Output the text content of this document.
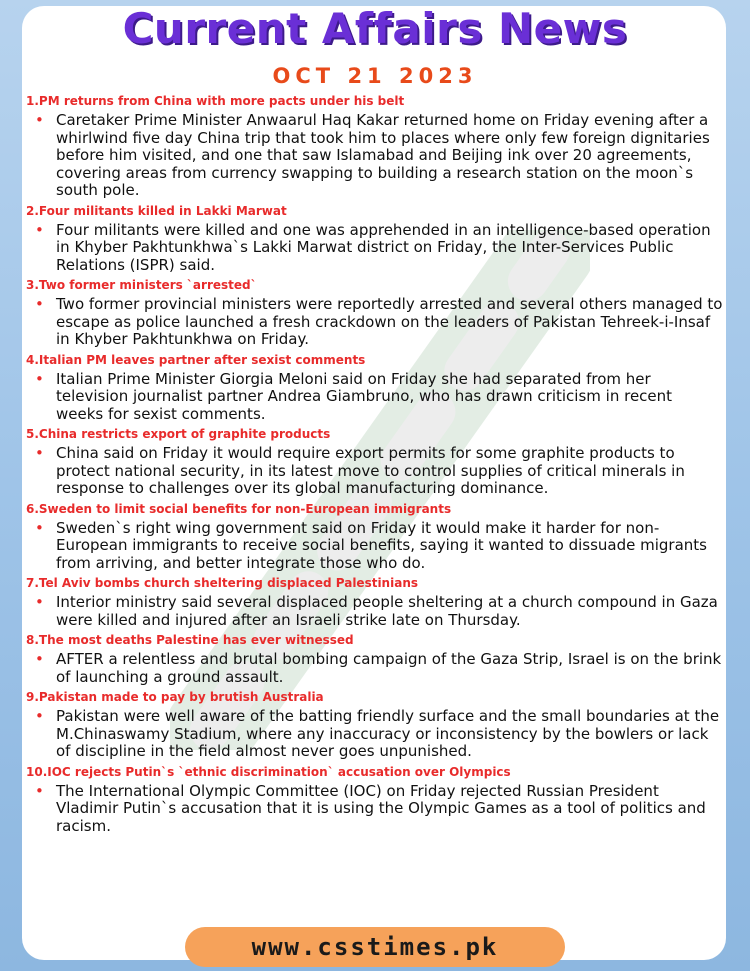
Current Affairs News
OCT 21 2023
1.PM returns from China with more pacts under his belt
• Caretaker Prime Minister Anwaarul Haq Kakar returned home on Friday evening after a whirlwind five day China trip that took him to places where only few foreign dignitaries before him visited, and one that saw Islamabad and Beijing ink over 20 agreements, covering areas from currency swapping to building a research station on the moon`s south pole.
2.Four militants killed in Lakki Marwat
• Four militants were killed and one was apprehended in an intelligence-based operation in Khyber Pakhtunkhwa`s Lakki Marwat district on Friday, the Inter-Services Public Relations (ISPR) said.
3.Two former ministers `arrested`
• Two former provincial ministers were reportedly arrested and several others managed to escape as police launched a fresh crackdown on the leaders of Pakistan Tehreek-i-Insaf in Khyber Pakhtunkhwa on Friday.
4.Italian PM leaves partner after sexist comments
• Italian Prime Minister Giorgia Meloni said on Friday she had separated from her television journalist partner Andrea Giambruno, who has drawn criticism in recent weeks for sexist comments.
5.China restricts export of graphite products
• China said on Friday it would require export permits for some graphite products to protect national security, in its latest move to control supplies of critical minerals in response to challenges over its global manufacturing dominance.
6.Sweden to limit social benefits for non-European immigrants
• Sweden`s right wing government said on Friday it would make it harder for non-European immigrants to receive social benefits, saying it wanted to dissuade migrants from arriving, and better integrate those who do.
7.Tel Aviv bombs church sheltering displaced Palestinians
• Interior ministry said several displaced people sheltering at a church compound in Gaza were killed and injured after an Israeli strike late on Thursday.
8.The most deaths Palestine has ever witnessed
• AFTER a relentless and brutal bombing campaign of the Gaza Strip, Israel is on the brink of launching a ground assault.
9.Pakistan made to pay by brutish Australia
• Pakistan were well aware of the batting friendly surface and the small boundaries at the M.Chinaswamy Stadium, where any inaccuracy or inconsistency by the bowlers or lack of discipline in the field almost never goes unpunished.
10.IOC rejects Putin`s `ethnic discrimination` accusation over Olympics
• The International Olympic Committee (IOC) on Friday rejected Russian President Vladimir Putin`s accusation that it is using the Olympic Games as a tool of politics and racism.
www.csstimes.pk
